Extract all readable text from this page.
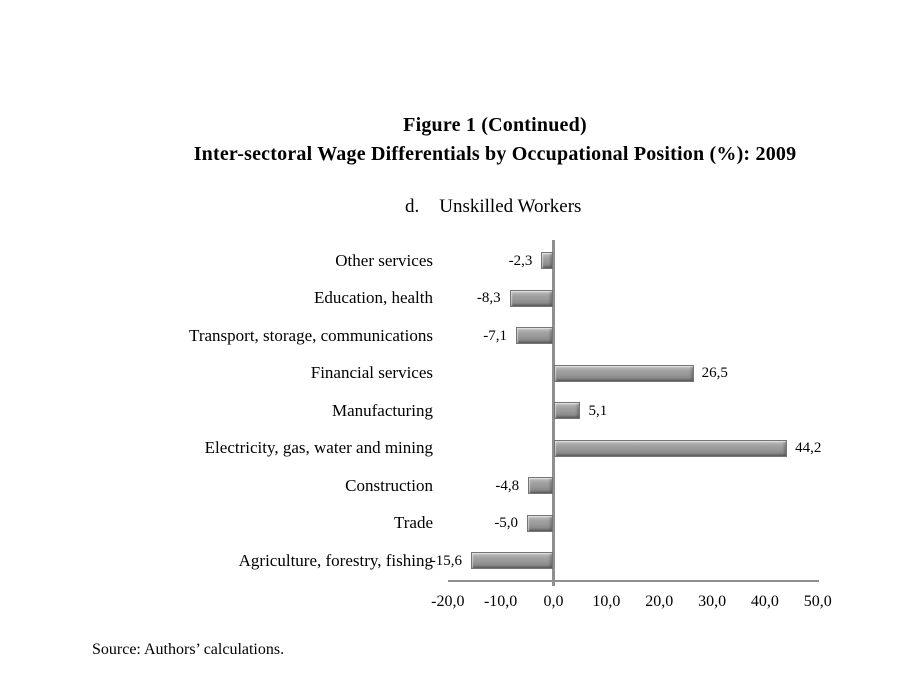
Figure 1 (Continued)
Inter-sectoral Wage Differentials by Occupational Position (%): 2009
d. Unskilled Workers
Other services	-2,3
Education, health	-8,3
Transport, storage, communications	-7,1
Financial services	26,5
Manufacturing	5,1
Electricity, gas, water and mining	44,2
Construction	-4,8
Trade	-5,0
Agriculture, forestry, fishing
-15,6
-20,0	-10,0	0,0	10,0	20,0	30,0	40,0	50,0
Source: Authors’ calculations.
